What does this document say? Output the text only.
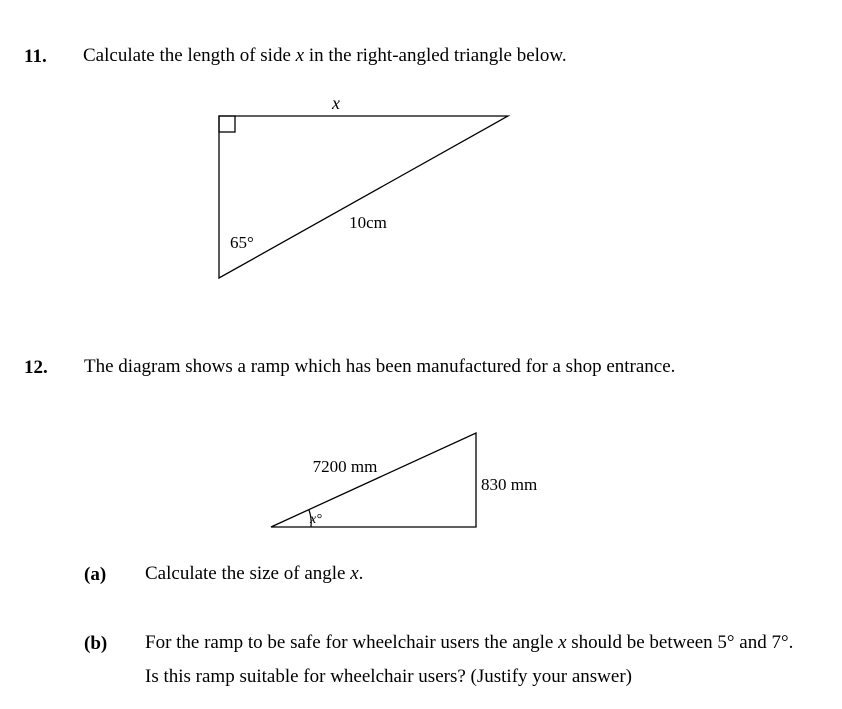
11. Calculate the length of side x in the right-angled triangle below.
x
10cm
65°
12. The diagram shows a ramp which has been manufactured for a shop entrance.
7200 mm
830 mm
x°
(a) Calculate the size of angle x.
(b) For the ramp to be safe for wheelchair users the angle x should be between 5° and 7°.
Is this ramp suitable for wheelchair users? (Justify your answer)
